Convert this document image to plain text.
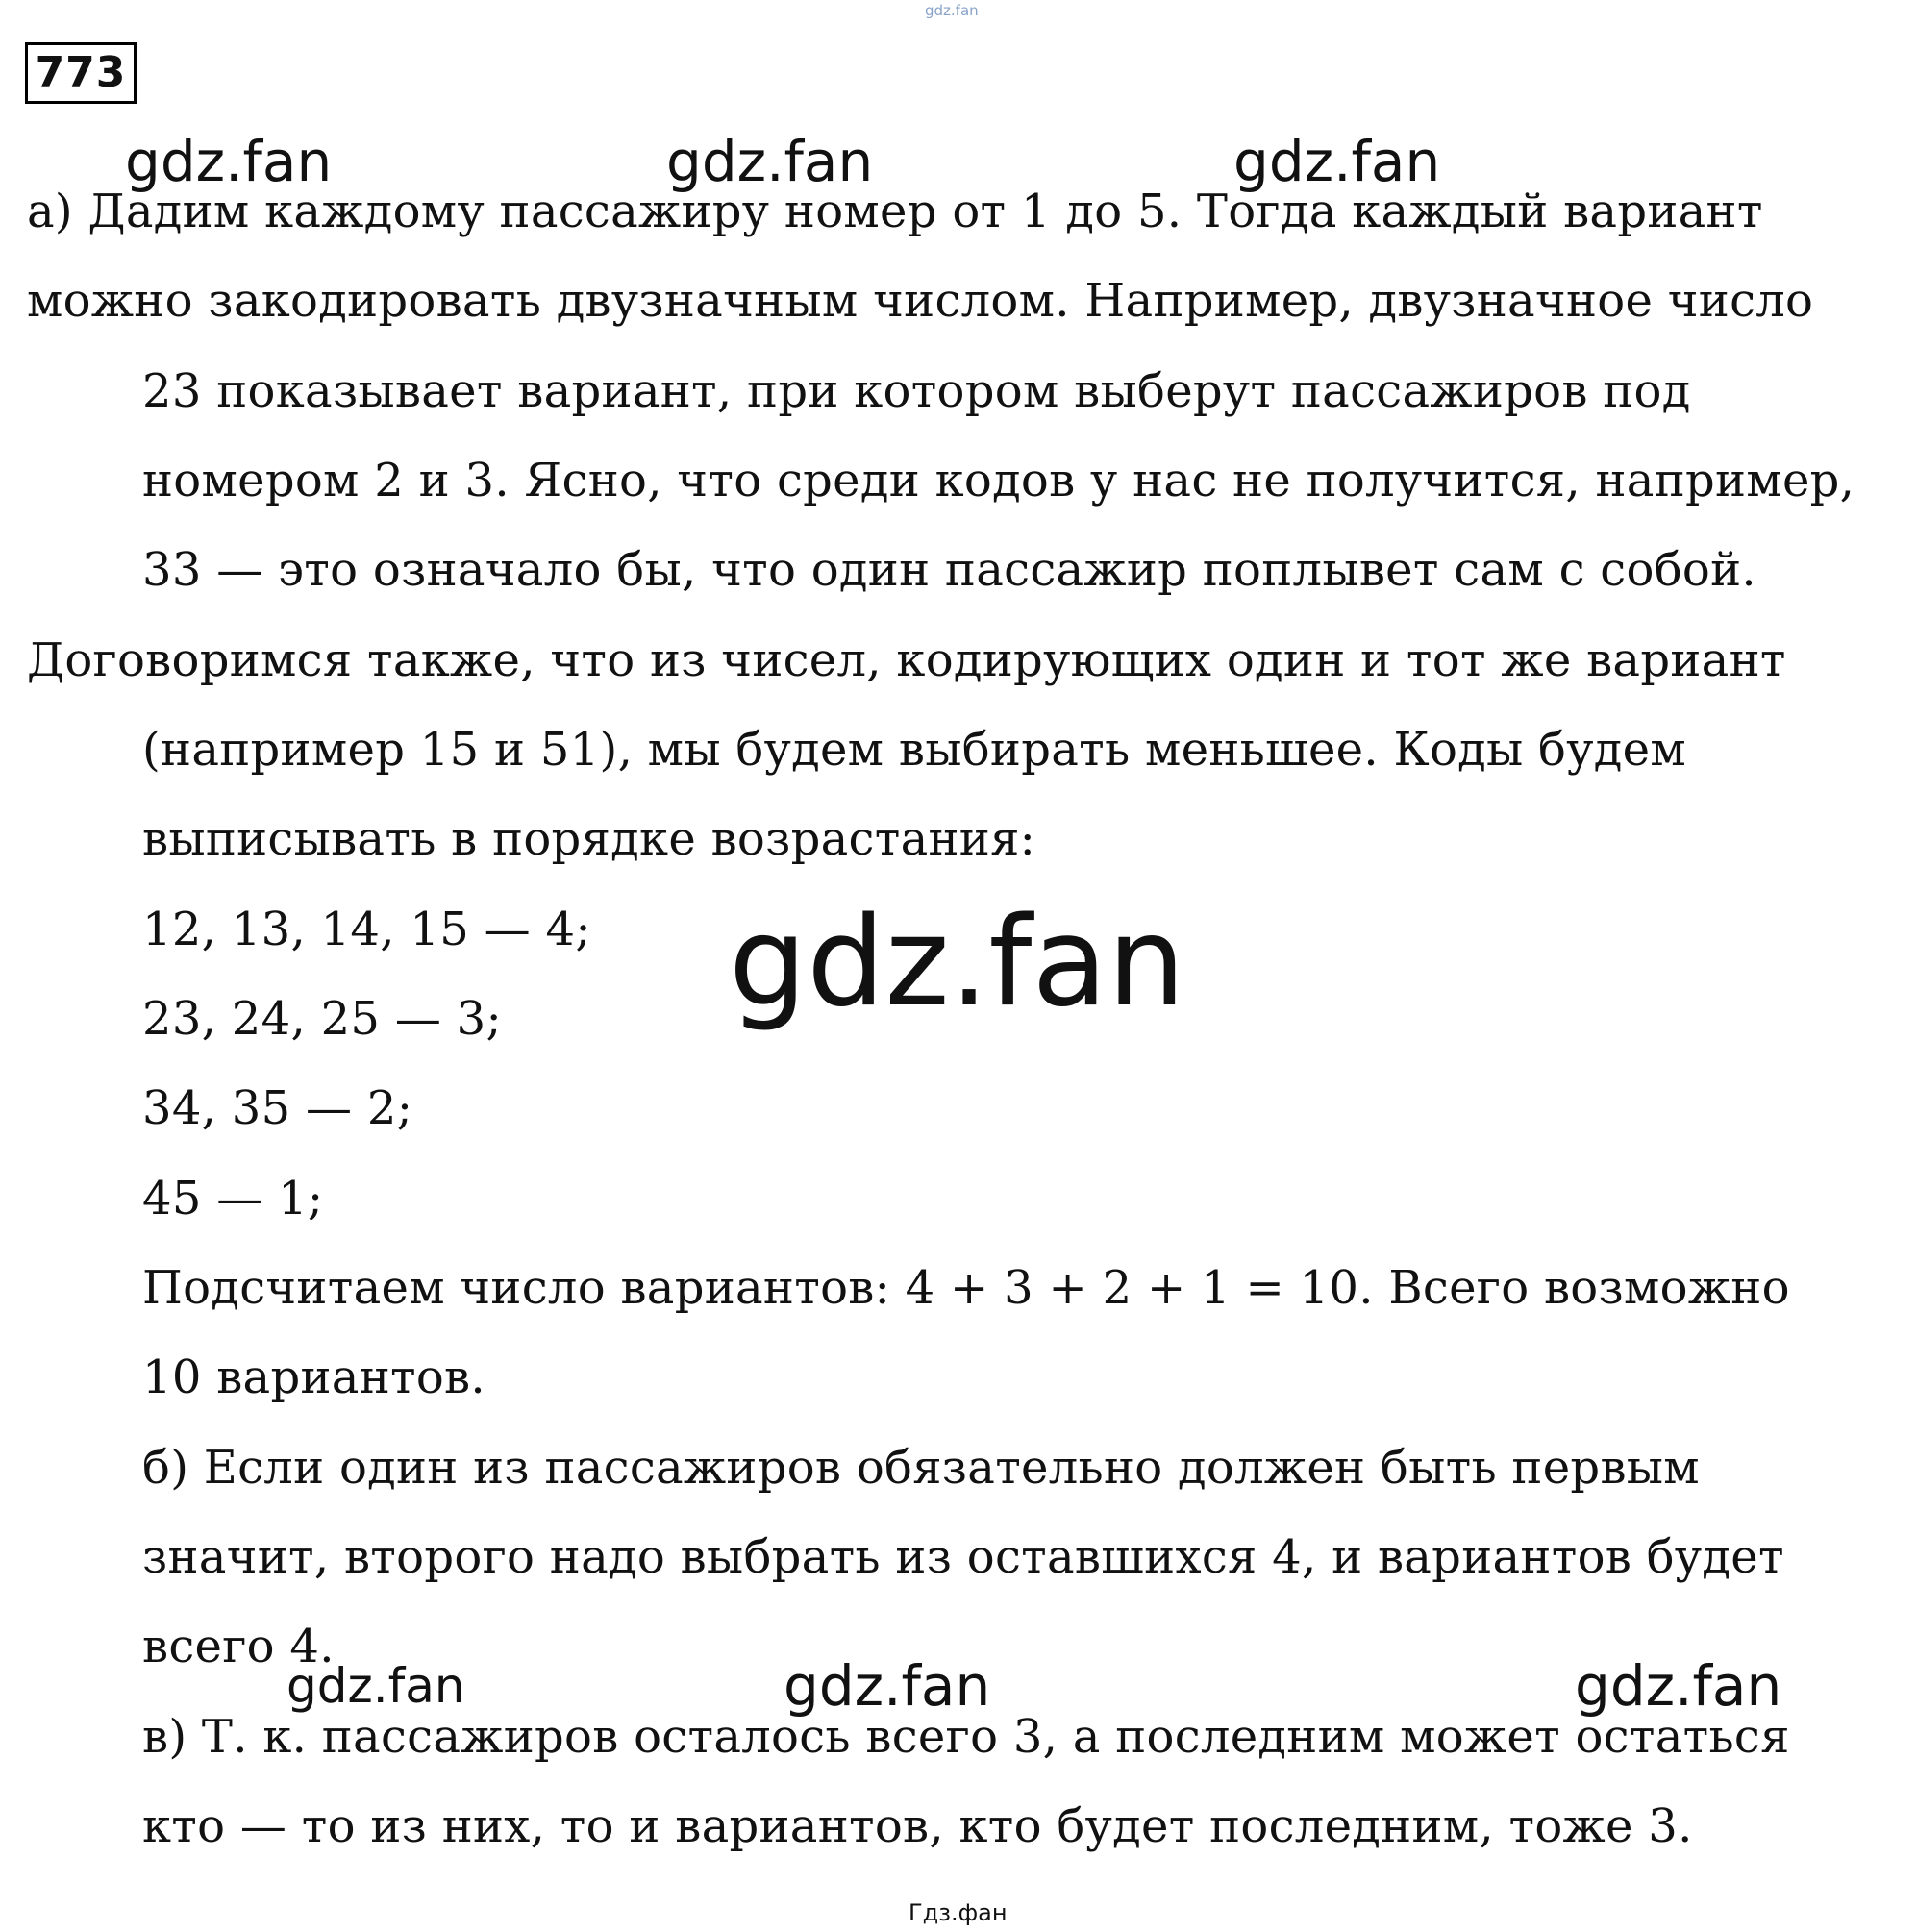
gdz.fan
773
gdz.fan	gdz.fan	gdz.fan
а) Дадим каждому пассажиру номер от 1 до 5. Тогда каждый вариант
можно закодировать двузначным числом. Например, двузначное число
23 показывает вариант, при котором выберут пассажиров под
номером 2 и 3. Ясно, что среди кодов у нас не получится, например,
33 — это означало бы, что один пассажир поплывет сам с собой.
Договоримся также, что из чисел, кодирующих один и тот же вариант
(например 15 и 51), мы будем выбирать меньшее. Коды будем
выписывать в порядке возрастания:
12, 13, 14, 15 — 4;
23, 24, 25 — 3;
34, 35 — 2;
45 — 1;
Подсчитаем число вариантов: 4 + 3 + 2 + 1 = 10. Всего возможно
10 вариантов.
б) Если один из пассажиров обязательно должен быть первым
значит, второго надо выбрать из оставшихся 4, и вариантов будет
всего 4.
в) Т. к. пассажиров осталось всего 3, а последним может остаться
кто — то из них, то и вариантов, кто будет последним, тоже 3.
gdz.fan
gdz.fan	gdz.fan	gdz.fan
Гдз.фан
